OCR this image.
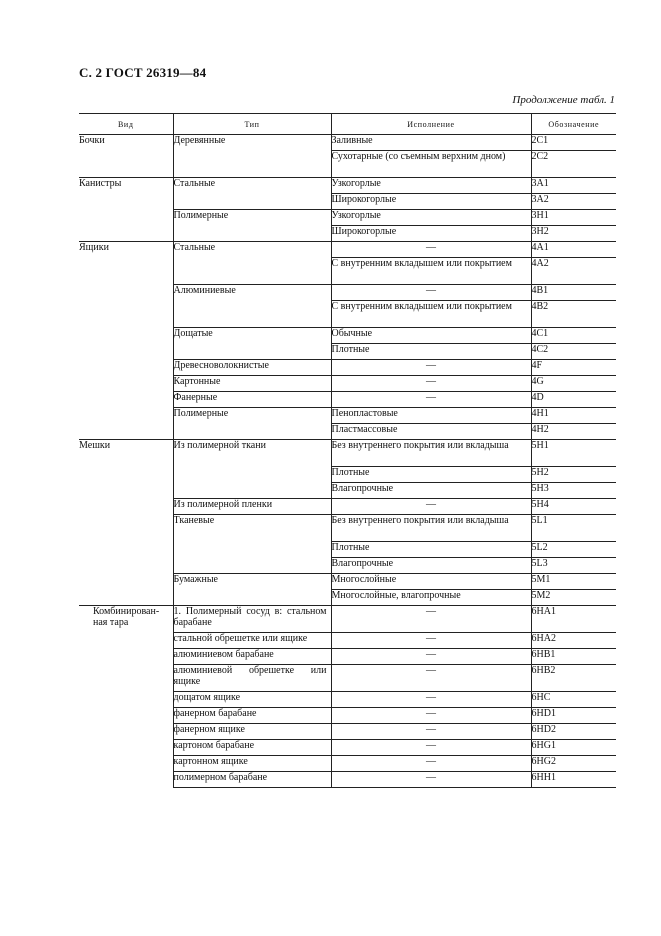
С. 2 ГОСТ 26319—84
Продолжение табл. 1
Вид	Тип	Исполнение	Обозначение
Бочки	Деревянные	Заливные	2C1
		Сухотарные (со съемным верхним дном)	2C2
Канистры	Стальные	Узкогорлые	3A1
		Широкогорлые	3A2
	Полимерные	Узкогорлые	3H1
		Широкогорлые	3H2
Ящики	Стальные	—	4A1
		С внутренним вкладышем или покрытием	4A2
	Алюминиевые	—	4B1
		С внутренним вкладышем или покрытием	4B2
	Дощатые	Обычные	4C1
		Плотные	4C2
	Древесноволокнистые	—	4F
	Картонные	—	4G
	Фанерные	—	4D
	Полимерные	Пенопластовые	4H1
		Пластмассовые	4H2
Мешки	Из полимерной ткани	Без внутреннего покрытия или вкладыша	5H1
		Плотные	5H2
		Влагопрочные	5H3
	Из полимерной пленки	—	5H4
	Тканевые	Без внутреннего покрытия или вкладыша	5L1
		Плотные	5L2
		Влагопрочные	5L3
	Бумажные	Многослойные	5M1
		Многослойные, влагопрочные	5M2
Комбинирован-ная тара	1. Полимерный сосуд в: стальном барабане	—	6HA1
	стальной обрешетке или ящике	—	6HA2
	алюминиевом барабане	—	6HB1
	алюминиевой обрешетке или ящике	—	6HB2
	дощатом ящике	—	6HC
	фанерном барабане	—	6HD1
	фанерном ящике	—	6HD2
	картоном барабане	—	6HG1
	картонном ящике	—	6HG2
	полимерном барабане	—	6HH1
